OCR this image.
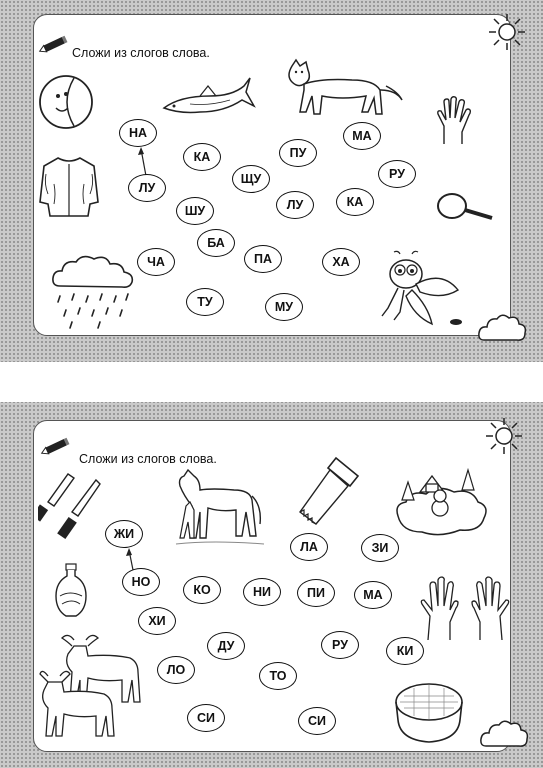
Сложи из слогов слова.
НА
ЛУ
КА	ПУ
МА
ЩУ	РУ
ШУ	ЛУ	КА
БА
ЧА	ПА	ХА
ТУ	МУ
Сложи из слогов слова.
ЖИ
НО
ЛА	ЗИ
КО	НИ	ПИ	МА
ХИ
ДУ	РУ	КИ
ЛО	ТО
СИ	СИ
